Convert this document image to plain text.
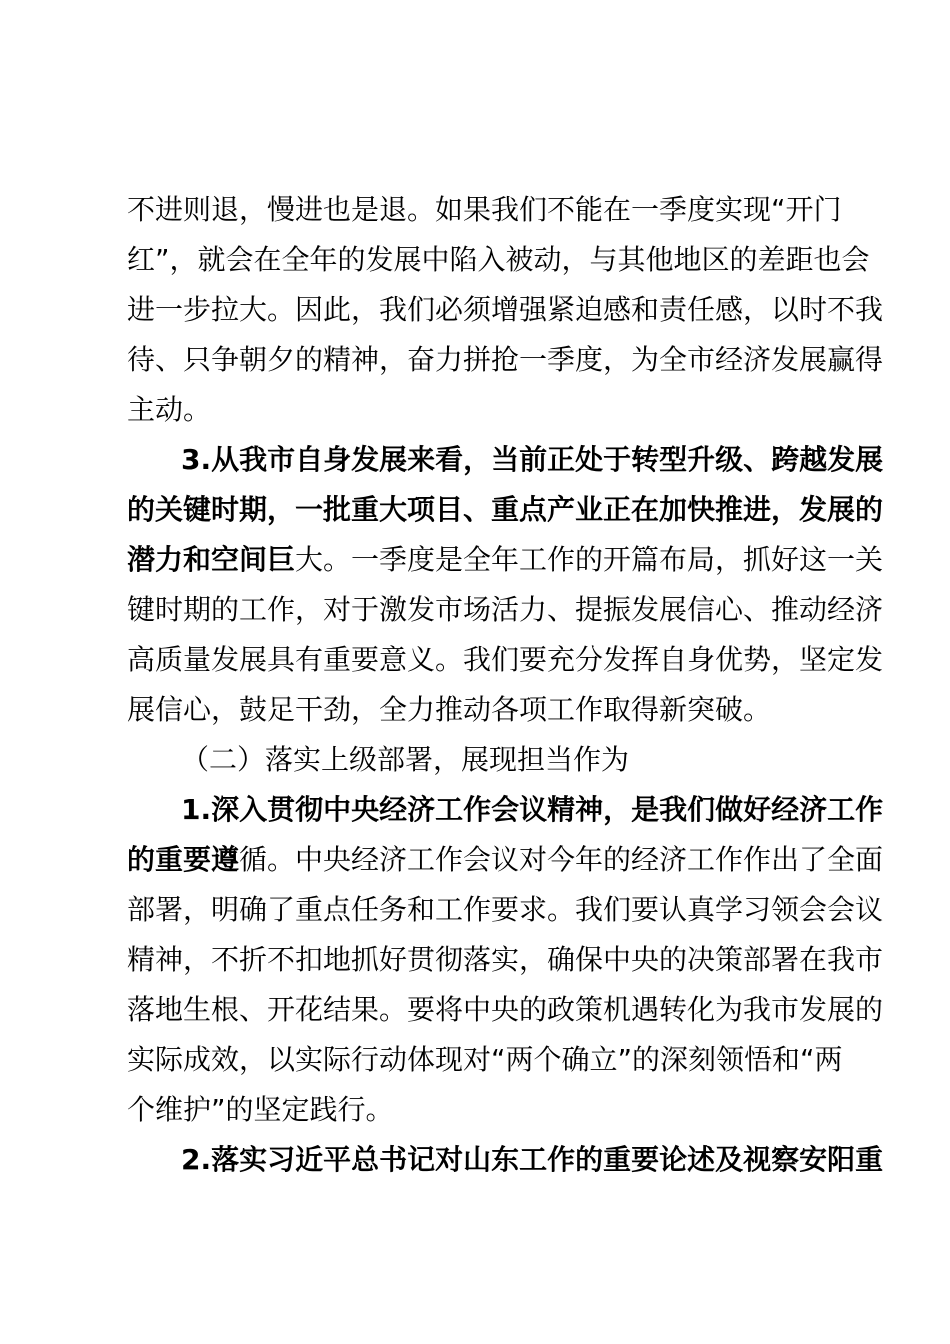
不进则退，慢进也是退。如果我们不能在一季度实现“开门
红”，就会在全年的发展中陷入被动，与其他地区的差距也会
进一步拉大。因此，我们必须增强紧迫感和责任感，以时不我
待、只争朝夕的精神，奋力拼抢一季度，为全市经济发展赢得
主动。
3.从我市自身发展来看，当前正处于转型升级、跨越发展
的关键时期，一批重大项目、重点产业正在加快推进，发展的
潜力和空间巨大。一季度是全年工作的开篇布局，抓好这一关
键时期的工作，对于激发市场活力、提振发展信心、推动经济
高质量发展具有重要意义。我们要充分发挥自身优势，坚定发
展信心，鼓足干劲，全力推动各项工作取得新突破。
（二）落实上级部署，展现担当作为
1.深入贯彻中央经济工作会议精神，是我们做好经济工作
的重要遵循。中央经济工作会议对今年的经济工作作出了全面
部署，明确了重点任务和工作要求。我们要认真学习领会会议
精神，不折不扣地抓好贯彻落实，确保中央的决策部署在我市
落地生根、开花结果。要将中央的政策机遇转化为我市发展的
实际成效，以实际行动体现对“两个确立”的深刻领悟和“两
个维护”的坚定践行。
2.落实习近平总书记对山东工作的重要论述及视察安阳重
